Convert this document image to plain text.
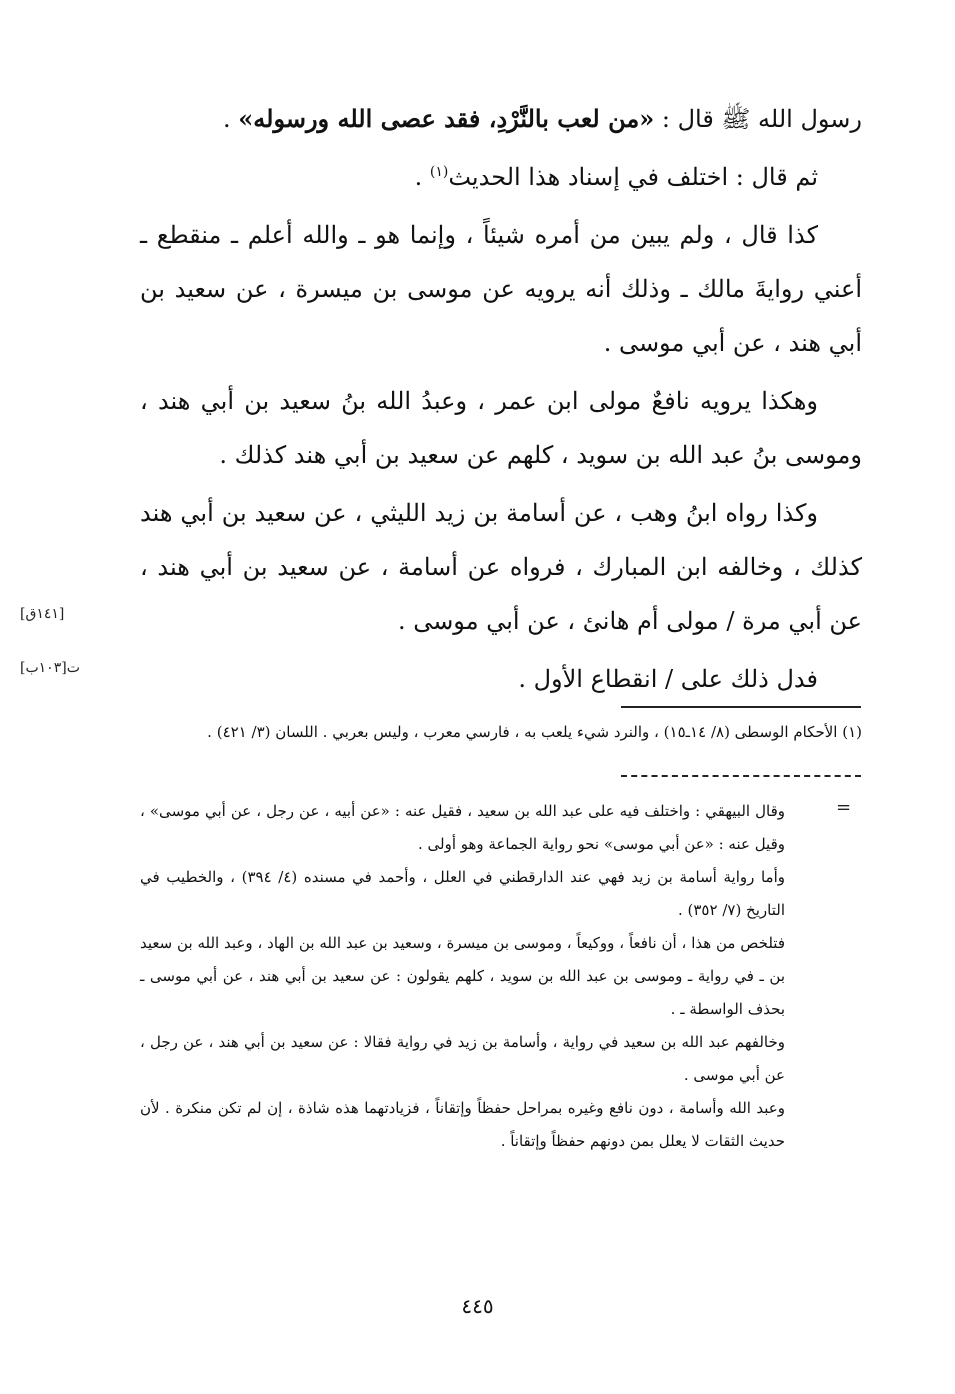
رسول الله ﷺ قال : «من لعب بالنَّرْدِ، فقد عصى الله ورسوله» .

ثم قال : اختلف في إسناد هذا الحديث$^{(١)}$ .

كذا قال ، ولم يبين من أمره شيئاً ، وإنما هو ـ والله أعلم ـ منقطع ـ أعني روايةَ مالك ـ وذلك أنه يرويه عن موسى بن ميسرة ، عن سعيد بن أبي هند ، عن أبي موسى .

وهكذا يرويه نافعٌ مولى ابن عمر ، وعبدُ الله بنُ سعيد بن أبي هند ، وموسى بنُ عبد الله بن سويد ، كلهم عن سعيد بن أبي هند كذلك .

وكذا رواه ابنُ وهب ، عن أسامة بن زيد الليثي ، عن سعيد بن أبي هند كذلك ، وخالفه ابن المبارك ، فرواه عن أسامة ، عن سعيد بن أبي هند ، عن أبي مرة / مولى أم هانئ ، عن أبي موسى .

فدل ذلك على / انقطاع الأول .

[١٤١ق]
[١٠٣ب]ت
(١) الأحكام الوسطى (٨/ ١٤ـ١٥) ، والنرد شيء يلعب به ، فارسي معرب ، وليس بعربي . اللسان (٣/ ٤٢١) .
=

وقال البيهقي : واختلف فيه على عبد الله بن سعيد ، فقيل عنه : «عن أبيه ، عن رجل ، عن أبي موسى» ، وقيل عنه : «عن أبي موسى» نحو رواية الجماعة وهو أولى .

وأما رواية أسامة بن زيد فهي عند الدارقطني في العلل ، وأحمد في مسنده (٤/ ٣٩٤) ، والخطيب في التاريخ (٧/ ٣٥٢) .

فتلخص من هذا ، أن نافعاً ، ووكيعاً ، وموسى بن ميسرة ، وسعيد بن عبد الله بن الهاد ، وعبد الله بن سعيد بن ـ في رواية ـ وموسى بن عبد الله بن سويد ، كلهم يقولون : عن سعيد بن أبي هند ، عن أبي موسى ـ بحذف الواسطة ـ .

وخالفهم عبد الله بن سعيد في رواية ، وأسامة بن زيد في رواية فقالا : عن سعيد بن أبي هند ، عن رجل ، عن أبي موسى .

وعبد الله وأسامة ، دون نافع وغيره بمراحل حفظاً وإتقاناً ، فزيادتهما هذه شاذة ، إن لم تكن منكرة . لأن حديث الثقات لا يعلل بمن دونهم حفظاً وإتقاناً .

٤٤٥
